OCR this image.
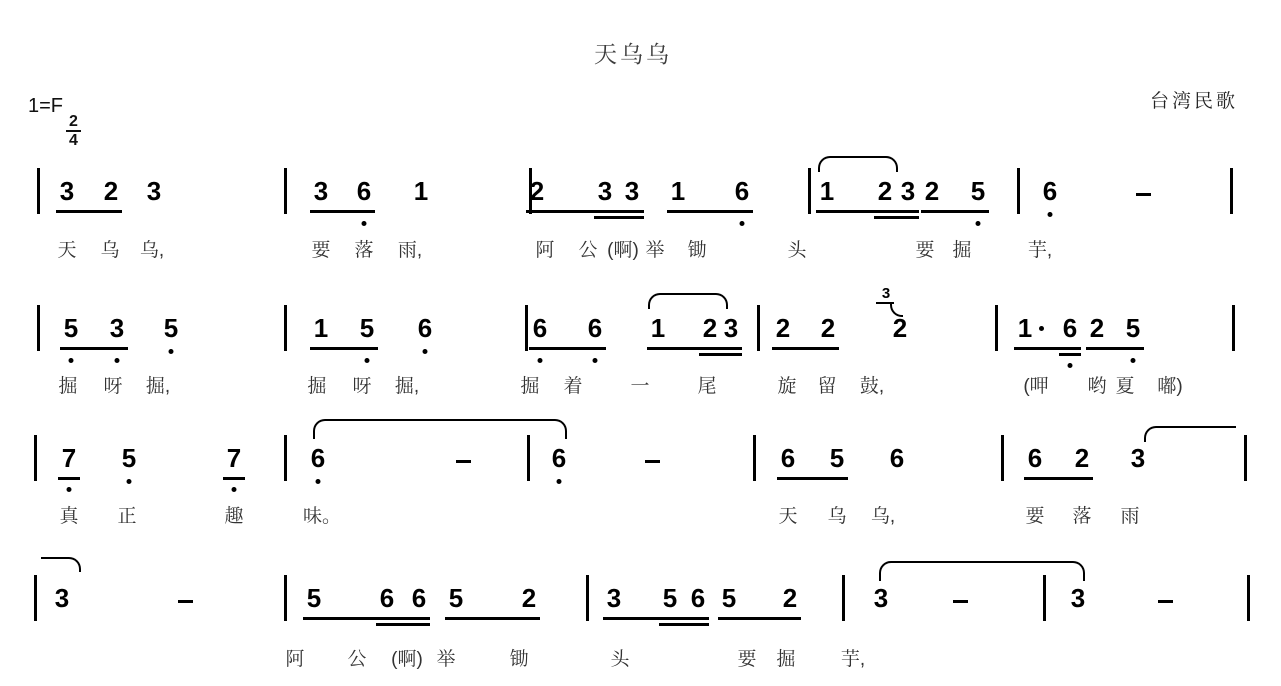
天乌乌
台湾民歌
1=F
$\frac{2}{4}$
3 2 3	3 6 1	2 3 3 1 6	1 2 3 2 5 6
天 乌 乌,	要 落 雨,	阿 公 (啊) 举 锄	头	要 掘	芋,
5 3 5	1 5 6	6 6 1 2 3 2 2 2	1 6 2 5
3
掘 呀 掘,	掘 呀 掘,	掘 着	一	尾	旋 留 鼓,	(呷 哟 夏 嘟)
7 5	7	6	6	6 5 6	6 2 3
真 正	趣	味。	天 乌 乌,	要 落 雨
3	5 6 6 5 2	3 5 6 5 2	3	3
阿 公 (啊) 举	锄	头	要 掘 芋,
